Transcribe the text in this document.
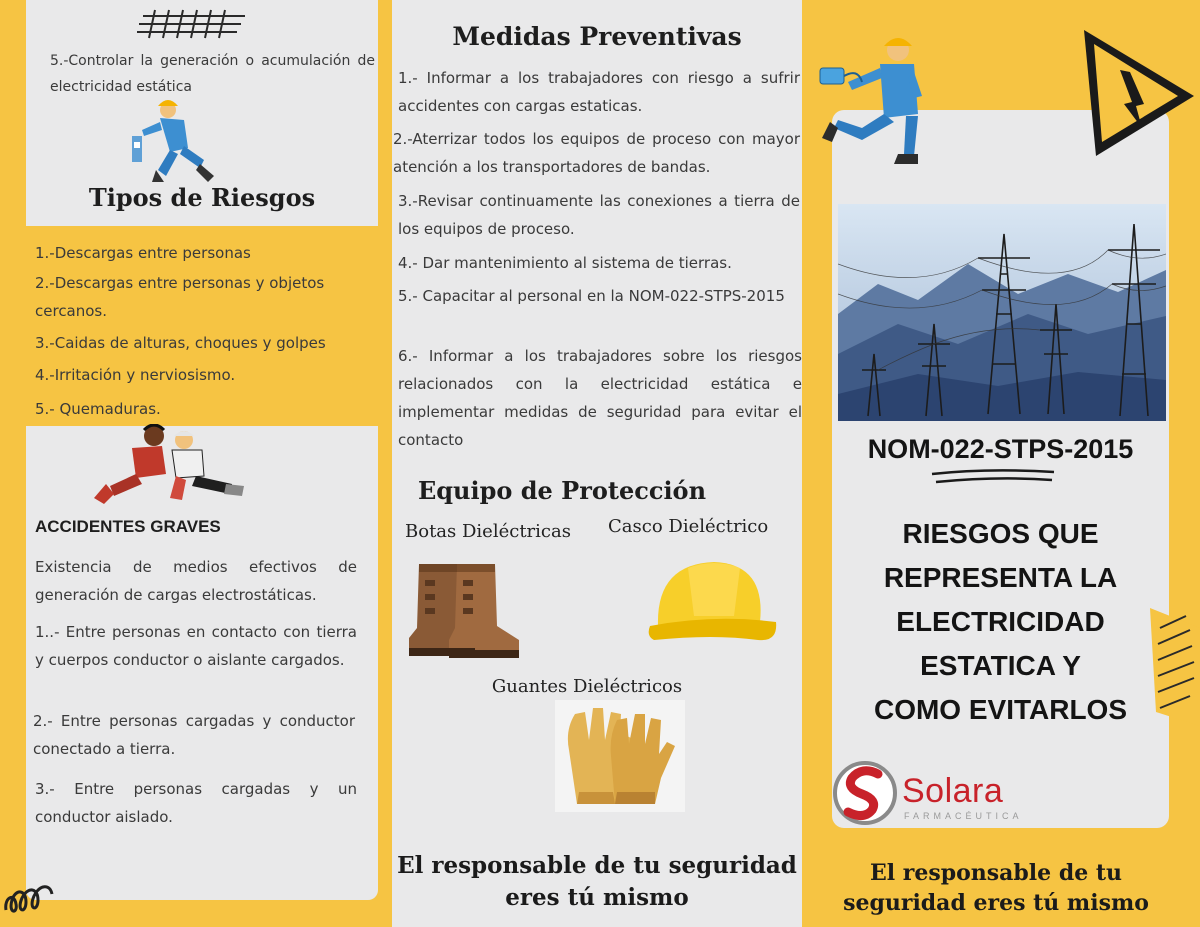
5.-Controlar la generación o acumulación de electricidad estática
Tipos de Riesgos
1.-Descargas entre personas
2.-Descargas entre personas y objetos cercanos.
3.-Caidas de alturas, choques y golpes
4.-Irritación y nerviosismo.
5.- Quemaduras.
ACCIDENTES GRAVES
Existencia de medios efectivos de generación de cargas electrostáticas.
1..- Entre personas en contacto con tierra y cuerpos conductor o aislante cargados.
2.- Entre personas cargadas y conductor conectado a tierra.
3.- Entre personas cargadas y un conductor aislado.
Medidas Preventivas
1.- Informar a los trabajadores con riesgo a sufrir accidentes con cargas estaticas.
2.-Aterrizar todos los equipos de proceso con mayor atención a los transportadores de bandas.
3.-Revisar continuamente las conexiones a tierra de los equipos de proceso.
4.- Dar mantenimiento al sistema de tierras.
5.- Capacitar al personal en la NOM-022-STPS-2015
6.- Informar a los trabajadores sobre los riesgos relacionados con la electricidad estática e implementar medidas de seguridad para evitar el contacto
Equipo de Protección
Botas Dieléctricas Casco Dieléctrico
Guantes Dieléctricos
El responsable de tu seguridad eres tú mismo
NOM-022-STPS-2015
RIESGOS QUE
REPRESENTA LA
ELECTRICIDAD
ESTATICA Y
COMO EVITARLOS
Solara
FARMACÉUTICA
El responsable de tu
seguridad eres tú mismo
